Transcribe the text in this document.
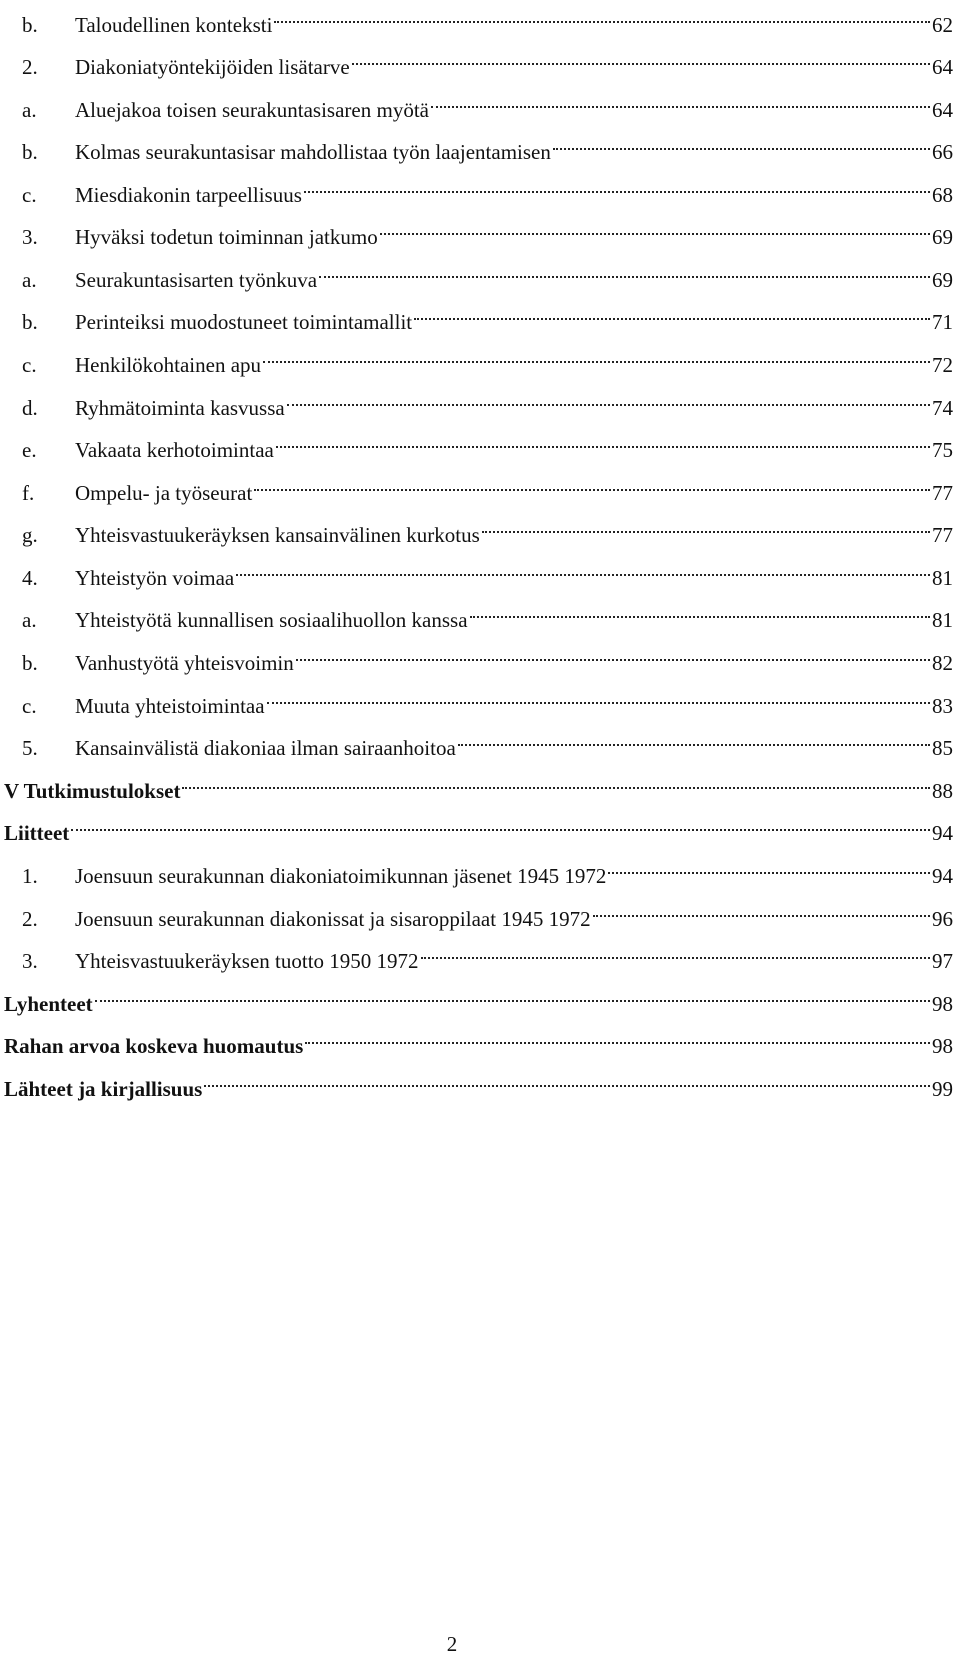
b.	Taloudellinen konteksti	62
2.	Diakoniatyöntekijöiden lisätarve	64
a.	Aluejakoa toisen seurakuntasisaren myötä	64
b.	Kolmas seurakuntasisar mahdollistaa työn laajentamisen	66
c.	Miesdiakonin tarpeellisuus	68
3.	Hyväksi todetun toiminnan jatkumo	69
a.	Seurakuntasisarten työnkuva	69
b.	Perinteiksi muodostuneet toimintamallit	71
c.	Henkilökohtainen apu	72
d.	Ryhmätoiminta kasvussa	74
e.	Vakaata kerhotoimintaa	75
f.	Ompelu- ja työseurat	77
g.	Yhteisvastuukeräyksen kansainvälinen kurkotus	77
4.	Yhteistyön voimaa	81
a.	Yhteistyötä kunnallisen sosiaalihuollon kanssa	81
b.	Vanhustyötä yhteisvoimin	82
c.	Muuta yhteistoimintaa	83
5.	Kansainvälistä diakoniaa ilman sairaanhoitoa	85
V Tutkimustulokset	88
Liitteet	94
1.	Joensuun seurakunnan diakoniatoimikunnan jäsenet 1945 1972	94
2.	Joensuun seurakunnan diakonissat ja sisaroppilaat 1945 1972	96
3.	Yhteisvastuukeräyksen tuotto 1950 1972	97
Lyhenteet	98
Rahan arvoa koskeva huomautus	98
Lähteet ja kirjallisuus	99
2
